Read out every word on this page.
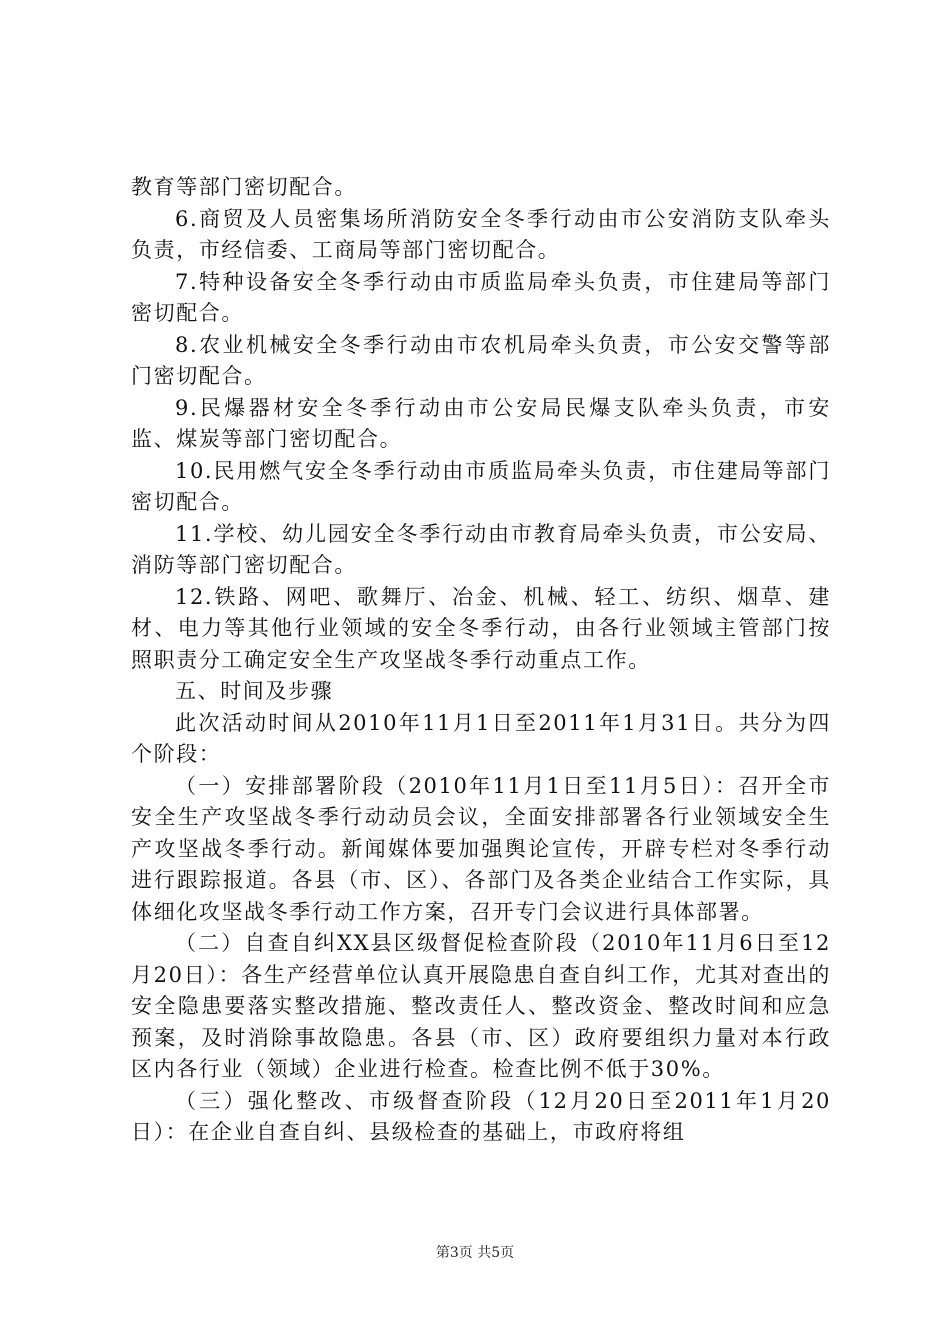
教育等部门密切配合。

6.商贸及人员密集场所消防安全冬季行动由市公安消防支队牵头负责，市经信委、工商局等部门密切配合。

7.特种设备安全冬季行动由市质监局牵头负责，市住建局等部门密切配合。

8.农业机械安全冬季行动由市农机局牵头负责，市公安交警等部门密切配合。

9.民爆器材安全冬季行动由市公安局民爆支队牵头负责，市安监、煤炭等部门密切配合。

10.民用燃气安全冬季行动由市质监局牵头负责，市住建局等部门密切配合。

11.学校、幼儿园安全冬季行动由市教育局牵头负责，市公安局、消防等部门密切配合。

12.铁路、网吧、歌舞厅、冶金、机械、轻工、纺织、烟草、建材、电力等其他行业领域的安全冬季行动，由各行业领域主管部门按照职责分工确定安全生产攻坚战冬季行动重点工作。

五、时间及步骤

此次活动时间从2010年11月1日至2011年1月31日。共分为四个阶段：

（一）安排部署阶段（2010年11月1日至11月5日）：召开全市安全生产攻坚战冬季行动动员会议，全面安排部署各行业领域安全生产攻坚战冬季行动。新闻媒体要加强舆论宣传，开辟专栏对冬季行动进行跟踪报道。各县（市、区）、各部门及各类企业结合工作实际，具体细化攻坚战冬季行动工作方案，召开专门会议进行具体部署。

（二）自查自纠XX县区级督促检查阶段（2010年11月6日至12月20日）：各生产经营单位认真开展隐患自查自纠工作，尤其对查出的安全隐患要落实整改措施、整改责任人、整改资金、整改时间和应急预案，及时消除事故隐患。各县（市、区）政府要组织力量对本行政区内各行业（领域）企业进行检查。检查比例不低于30%。

（三）强化整改、市级督查阶段（12月20日至2011年1月20日）：在企业自查自纠、县级检查的基础上，市政府将组

第3页 共5页
